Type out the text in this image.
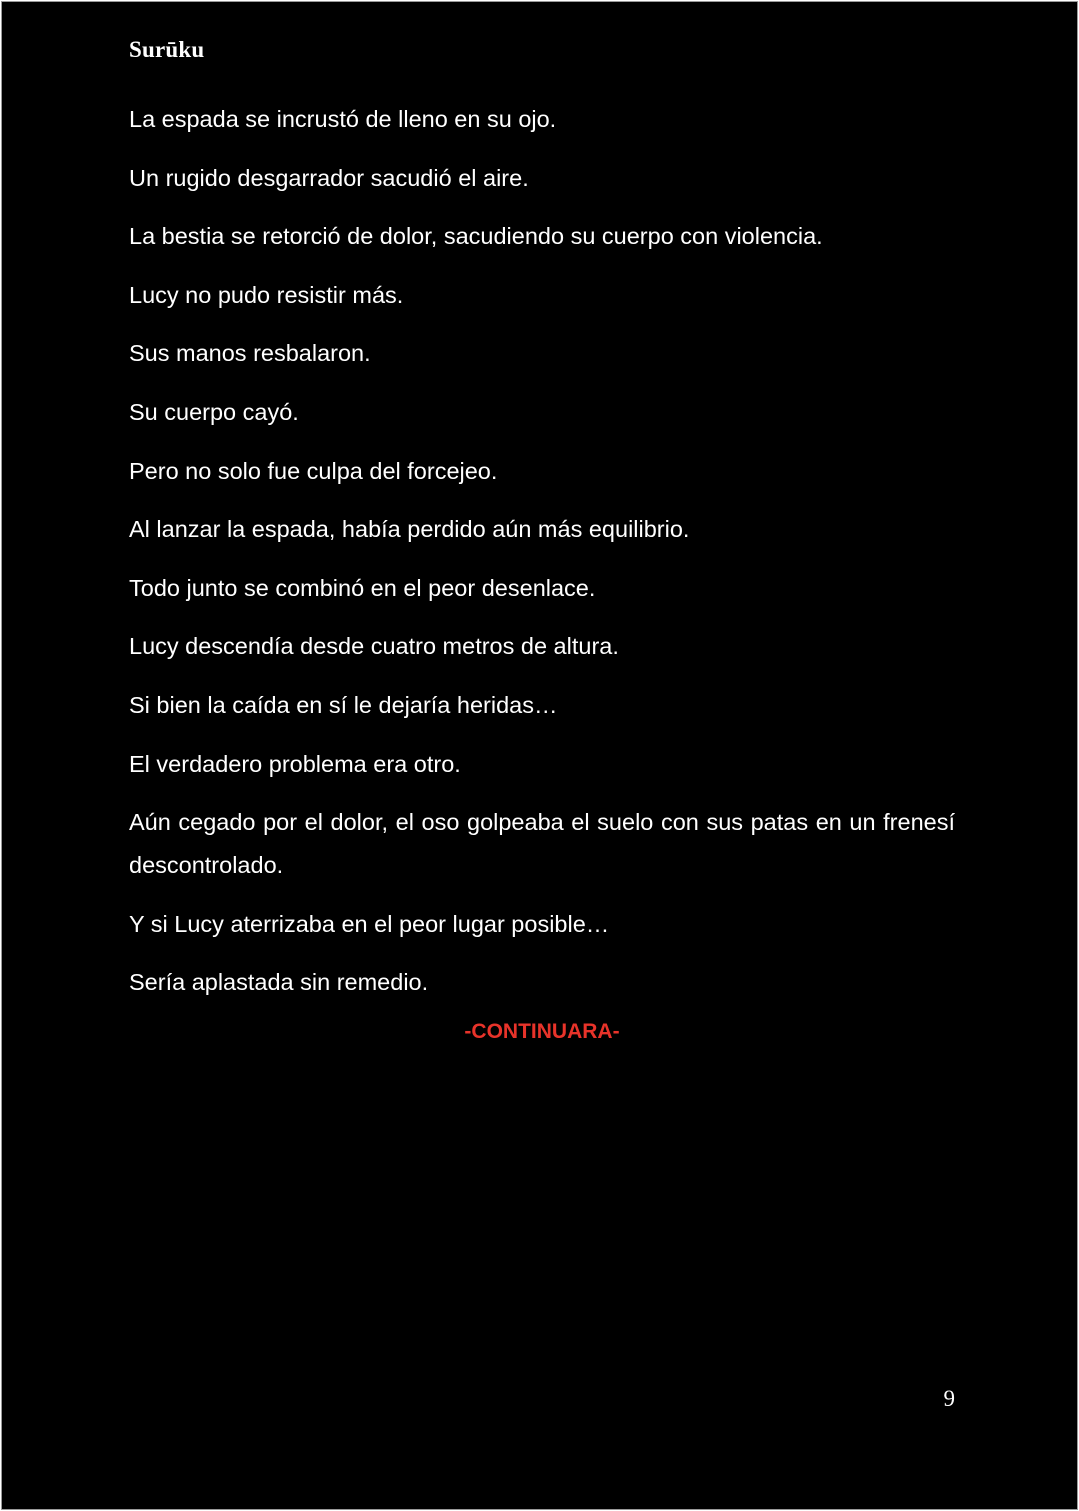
Surūku

La espada se incrustó de lleno en su ojo.

Un rugido desgarrador sacudió el aire.

La bestia se retorció de dolor, sacudiendo su cuerpo con violencia.

Lucy no pudo resistir más.

Sus manos resbalaron.

Su cuerpo cayó.

Pero no solo fue culpa del forcejeo.

Al lanzar la espada, había perdido aún más equilibrio.

Todo junto se combinó en el peor desenlace.

Lucy descendía desde cuatro metros de altura.

Si bien la caída en sí le dejaría heridas…

El verdadero problema era otro.

Aún cegado por el dolor, el oso golpeaba el suelo con sus patas en un frenesí descontrolado.

Y si Lucy aterrizaba en el peor lugar posible…

Sería aplastada sin remedio.

-CONTINUARA-
9
